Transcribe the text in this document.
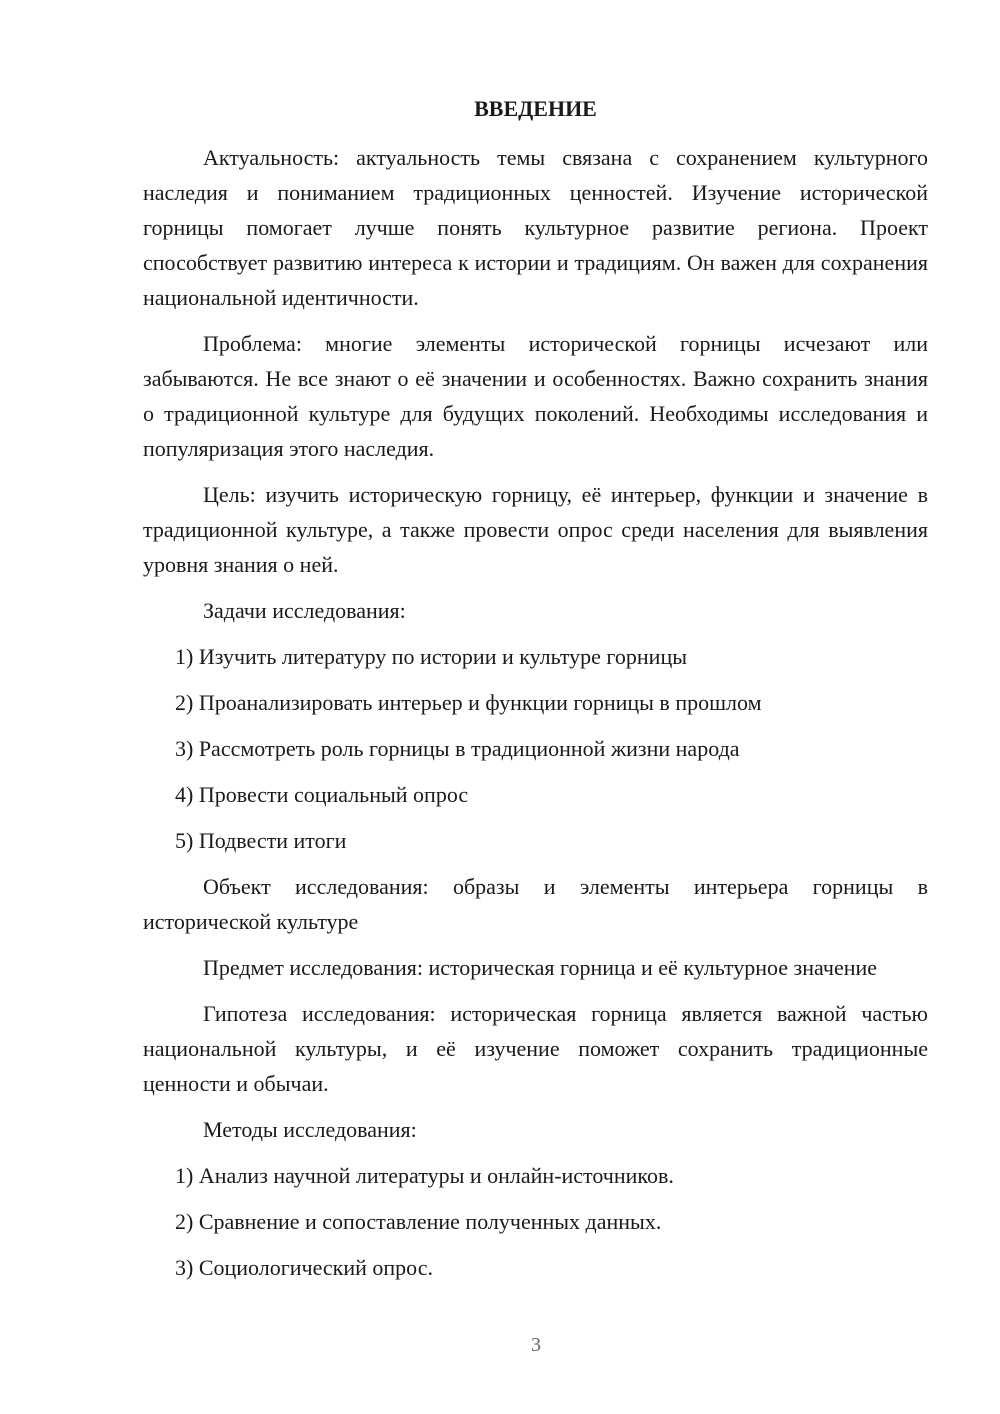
ВВЕДЕНИЕ

Актуальность: актуальность темы связана с сохранением культурного наследия и пониманием традиционных ценностей. Изучение исторической горницы помогает лучше понять культурное развитие региона. Проект способствует развитию интереса к истории и традициям. Он важен для сохранения национальной идентичности.

Проблема: многие элементы исторической горницы исчезают или забываются. Не все знают о её значении и особенностях. Важно сохранить знания о традиционной культуре для будущих поколений. Необходимы исследования и популяризация этого наследия.

Цель: изучить историческую горницу, её интерьер, функции и значение в традиционной культуре, а также провести опрос среди населения для выявления уровня знания о ней.

Задачи исследования:
1) Изучить литературу по истории и культуре горницы
2) Проанализировать интерьер и функции горницы в прошлом
3) Рассмотреть роль горницы в традиционной жизни народа
4) Провести социальный опрос
5) Подвести итоги

Объект исследования: образы и элементы интерьера горницы в исторической культуре

Предмет исследования: историческая горница и её культурное значение

Гипотеза исследования: историческая горница является важной частью национальной культуры, и её изучение поможет сохранить традиционные ценности и обычаи.

Методы исследования:
1) Анализ научной литературы и онлайн-источников.
2) Сравнение и сопоставление полученных данных.
3) Социологический опрос.
3
